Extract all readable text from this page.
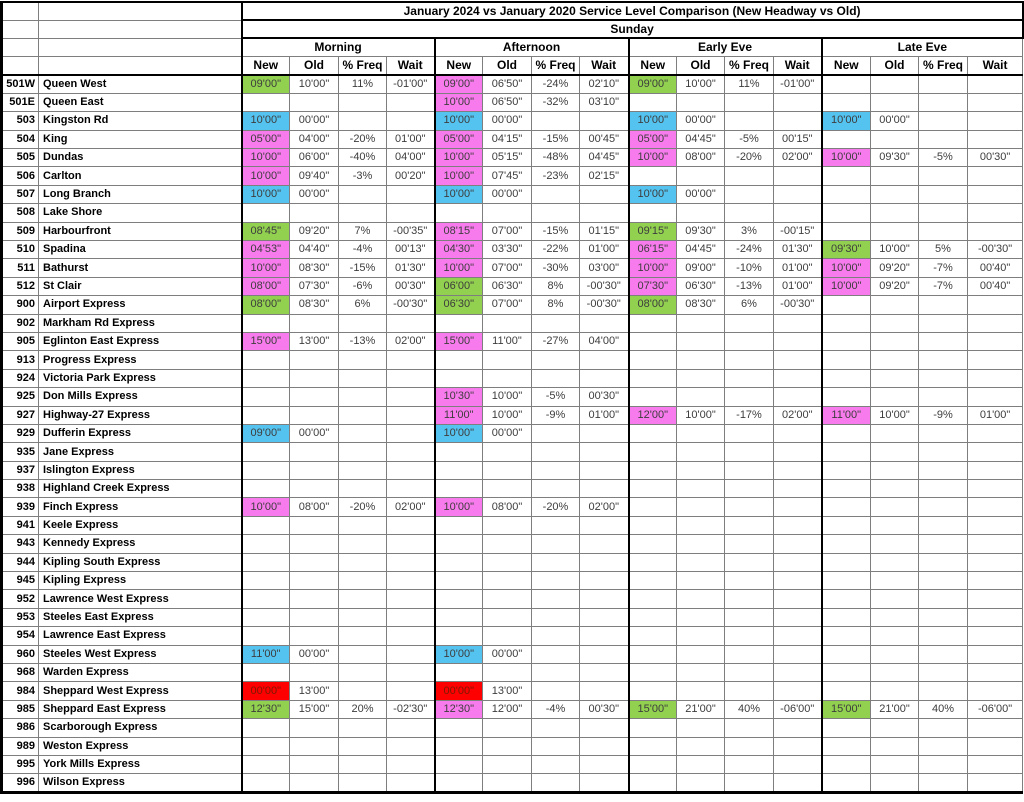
		January 2024 vs January 2020 Service Level Comparison (New Headway vs Old)															
		Sunday															
		Morning				Afternoon				Early Eve				Late Eve			
		New	Old	% Freq	Wait	New	Old	% Freq	Wait	New	Old	% Freq	Wait	New	Old	% Freq	Wait
501W	Queen West	09'00"	10'00"	11%	-01'00"	09'00"	06'50"	-24%	02'10"	09'00"	10'00"	11%	-01'00"				
501E	Queen East					10'00"	06'50"	-32%	03'10"								
503	Kingston Rd	10'00"	00'00"			10'00"	00'00"			10'00"	00'00"			10'00"	00'00"		
504	King	05'00"	04'00"	-20%	01'00"	05'00"	04'15"	-15%	00'45"	05'00"	04'45"	-5%	00'15"				
505	Dundas	10'00"	06'00"	-40%	04'00"	10'00"	05'15"	-48%	04'45"	10'00"	08'00"	-20%	02'00"	10'00"	09'30"	-5%	00'30"
506	Carlton	10'00"	09'40"	-3%	00'20"	10'00"	07'45"	-23%	02'15"								
507	Long Branch	10'00"	00'00"			10'00"	00'00"			10'00"	00'00"						
508	Lake Shore																
509	Harbourfront	08'45"	09'20"	7%	-00'35"	08'15"	07'00"	-15%	01'15"	09'15"	09'30"	3%	-00'15"				
510	Spadina	04'53"	04'40"	-4%	00'13"	04'30"	03'30"	-22%	01'00"	06'15"	04'45"	-24%	01'30"	09'30"	10'00"	5%	-00'30"
511	Bathurst	10'00"	08'30"	-15%	01'30"	10'00"	07'00"	-30%	03'00"	10'00"	09'00"	-10%	01'00"	10'00"	09'20"	-7%	00'40"
512	St Clair	08'00"	07'30"	-6%	00'30"	06'00"	06'30"	8%	-00'30"	07'30"	06'30"	-13%	01'00"	10'00"	09'20"	-7%	00'40"
900	Airport Express	08'00"	08'30"	6%	-00'30"	06'30"	07'00"	8%	-00'30"	08'00"	08'30"	6%	-00'30"				
902	Markham Rd Express																
905	Eglinton East Express	15'00"	13'00"	-13%	02'00"	15'00"	11'00"	-27%	04'00"								
913	Progress Express																
924	Victoria Park Express																
925	Don Mills Express					10'30"	10'00"	-5%	00'30"								
927	Highway-27 Express					11'00"	10'00"	-9%	01'00"	12'00"	10'00"	-17%	02'00"	11'00"	10'00"	-9%	01'00"
929	Dufferin Express	09'00"	00'00"			10'00"	00'00"										
935	Jane Express																
937	Islington Express																
938	Highland Creek Express																
939	Finch Express	10'00"	08'00"	-20%	02'00"	10'00"	08'00"	-20%	02'00"								
941	Keele Express																
943	Kennedy Express																
944	Kipling South Express																
945	Kipling Express																
952	Lawrence West Express																
953	Steeles East Express																
954	Lawrence East Express																
960	Steeles West Express	11'00"	00'00"			10'00"	00'00"										
968	Warden Express																
984	Sheppard West Express	00'00"	13'00"			00'00"	13'00"										
985	Sheppard East Express	12'30"	15'00"	20%	-02'30"	12'30"	12'00"	-4%	00'30"	15'00"	21'00"	40%	-06'00"	15'00"	21'00"	40%	-06'00"
986	Scarborough Express																
989	Weston Express																
995	York Mills Express																
996	Wilson Express																
